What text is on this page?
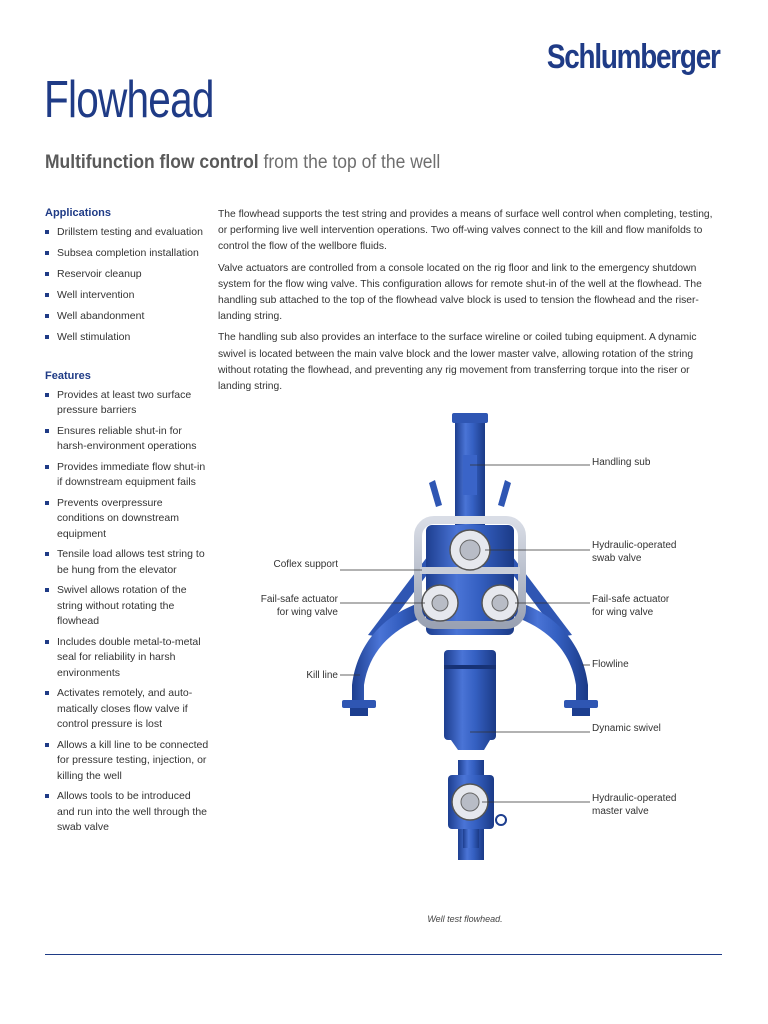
Schlumberger
Flowhead
Multifunction flow control from the top of the well
Applications
Drillstem testing and evaluation
Subsea completion installation
Reservoir cleanup
Well intervention
Well abandonment
Well stimulation
Features
Provides at least two surface pressure barriers
Ensures reliable shut-in for harsh-environment operations
Provides immediate flow shut-in if downstream equipment fails
Prevents overpressure conditions on downstream equipment
Tensile load allows test string to be hung from the elevator
Swivel allows rotation of the string without rotating the flowhead
Includes double metal-to-metal seal for reliability in harsh environments
Activates remotely, and auto-matically closes flow valve if control pressure is lost
Allows a kill line to be connected for pressure testing, injection, or killing the well
Allows tools to be introduced and run into the well through the swab valve

The flowhead supports the test string and provides a means of surface well control when completing, testing, or performing live well intervention operations. Two off-wing valves connect to the kill and flow manifolds to control the flow of the wellbore fluids.

Valve actuators are controlled from a console located on the rig floor and link to the emergency shutdown system for the flow wing valve. This configuration allows for remote shut-in of the well at the flowhead. The handling sub attached to the top of the flowhead valve block is used to tension the flowhead and the riser-landing string.

The handling sub also provides an interface to the surface wireline or coiled tubing equipment. A dynamic swivel is located between the main valve block and the lower master valve, allowing rotation of the string without rotating the flowhead, and preventing any rig movement from transferring torque into the riser or landing string.

Handling sub
Hydraulic-operated
swab valve
Coflex support
Fail-safe actuator
for wing valve
Fail-safe actuator
for wing valve
Kill line
Flowline
Dynamic swivel
Hydraulic-operated
master valve
Well test flowhead.
